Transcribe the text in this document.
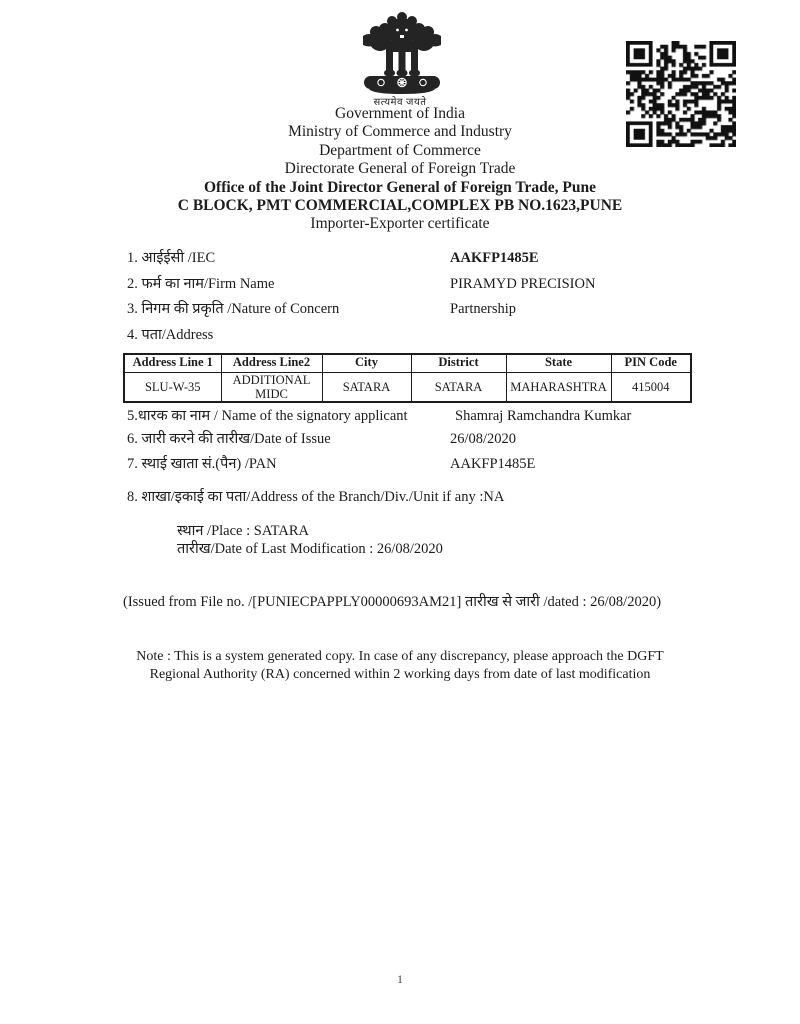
सत्यमेव जयते
Government of India
Ministry of Commerce and Industry
Department of Commerce
Directorate General of Foreign Trade
Office of the Joint Director General of Foreign Trade, Pune
C BLOCK, PMT COMMERCIAL,COMPLEX PB NO.1623,PUNE
Importer-Exporter certificate
1. आईईसी /IEC	AAKFP1485E
2. फर्म का नाम/Firm Name	PIRAMYD PRECISION
3. निगम की प्रकृति /Nature of Concern	Partnership
4. पता/Address
Address Line 1	Address Line2	City	District	State	PIN Code
SLU-W-35	ADDITIONAL MIDC	SATARA	SATARA	MAHARASHTRA	415004
5.धारक का नाम / Name of the signatory applicant	Shamraj Ramchandra Kumkar
6. जारी करने की तारीख/Date of Issue	26/08/2020
7. स्थाई खाता सं.(पैन) /PAN	AAKFP1485E
8. शाखा/इकाई का पता/Address of the Branch/Div./Unit if any :NA
स्थान /Place : SATARA
तारीख/Date of Last Modification : 26/08/2020
(Issued from File no. /[PUNIECPAPPLY00000693AM21] तारीख से जारी /dated : 26/08/2020)
Note : This is a system generated copy. In case of any discrepancy, please approach the DGFT
Regional Authority (RA) concerned within 2 working days from date of last modification
1
